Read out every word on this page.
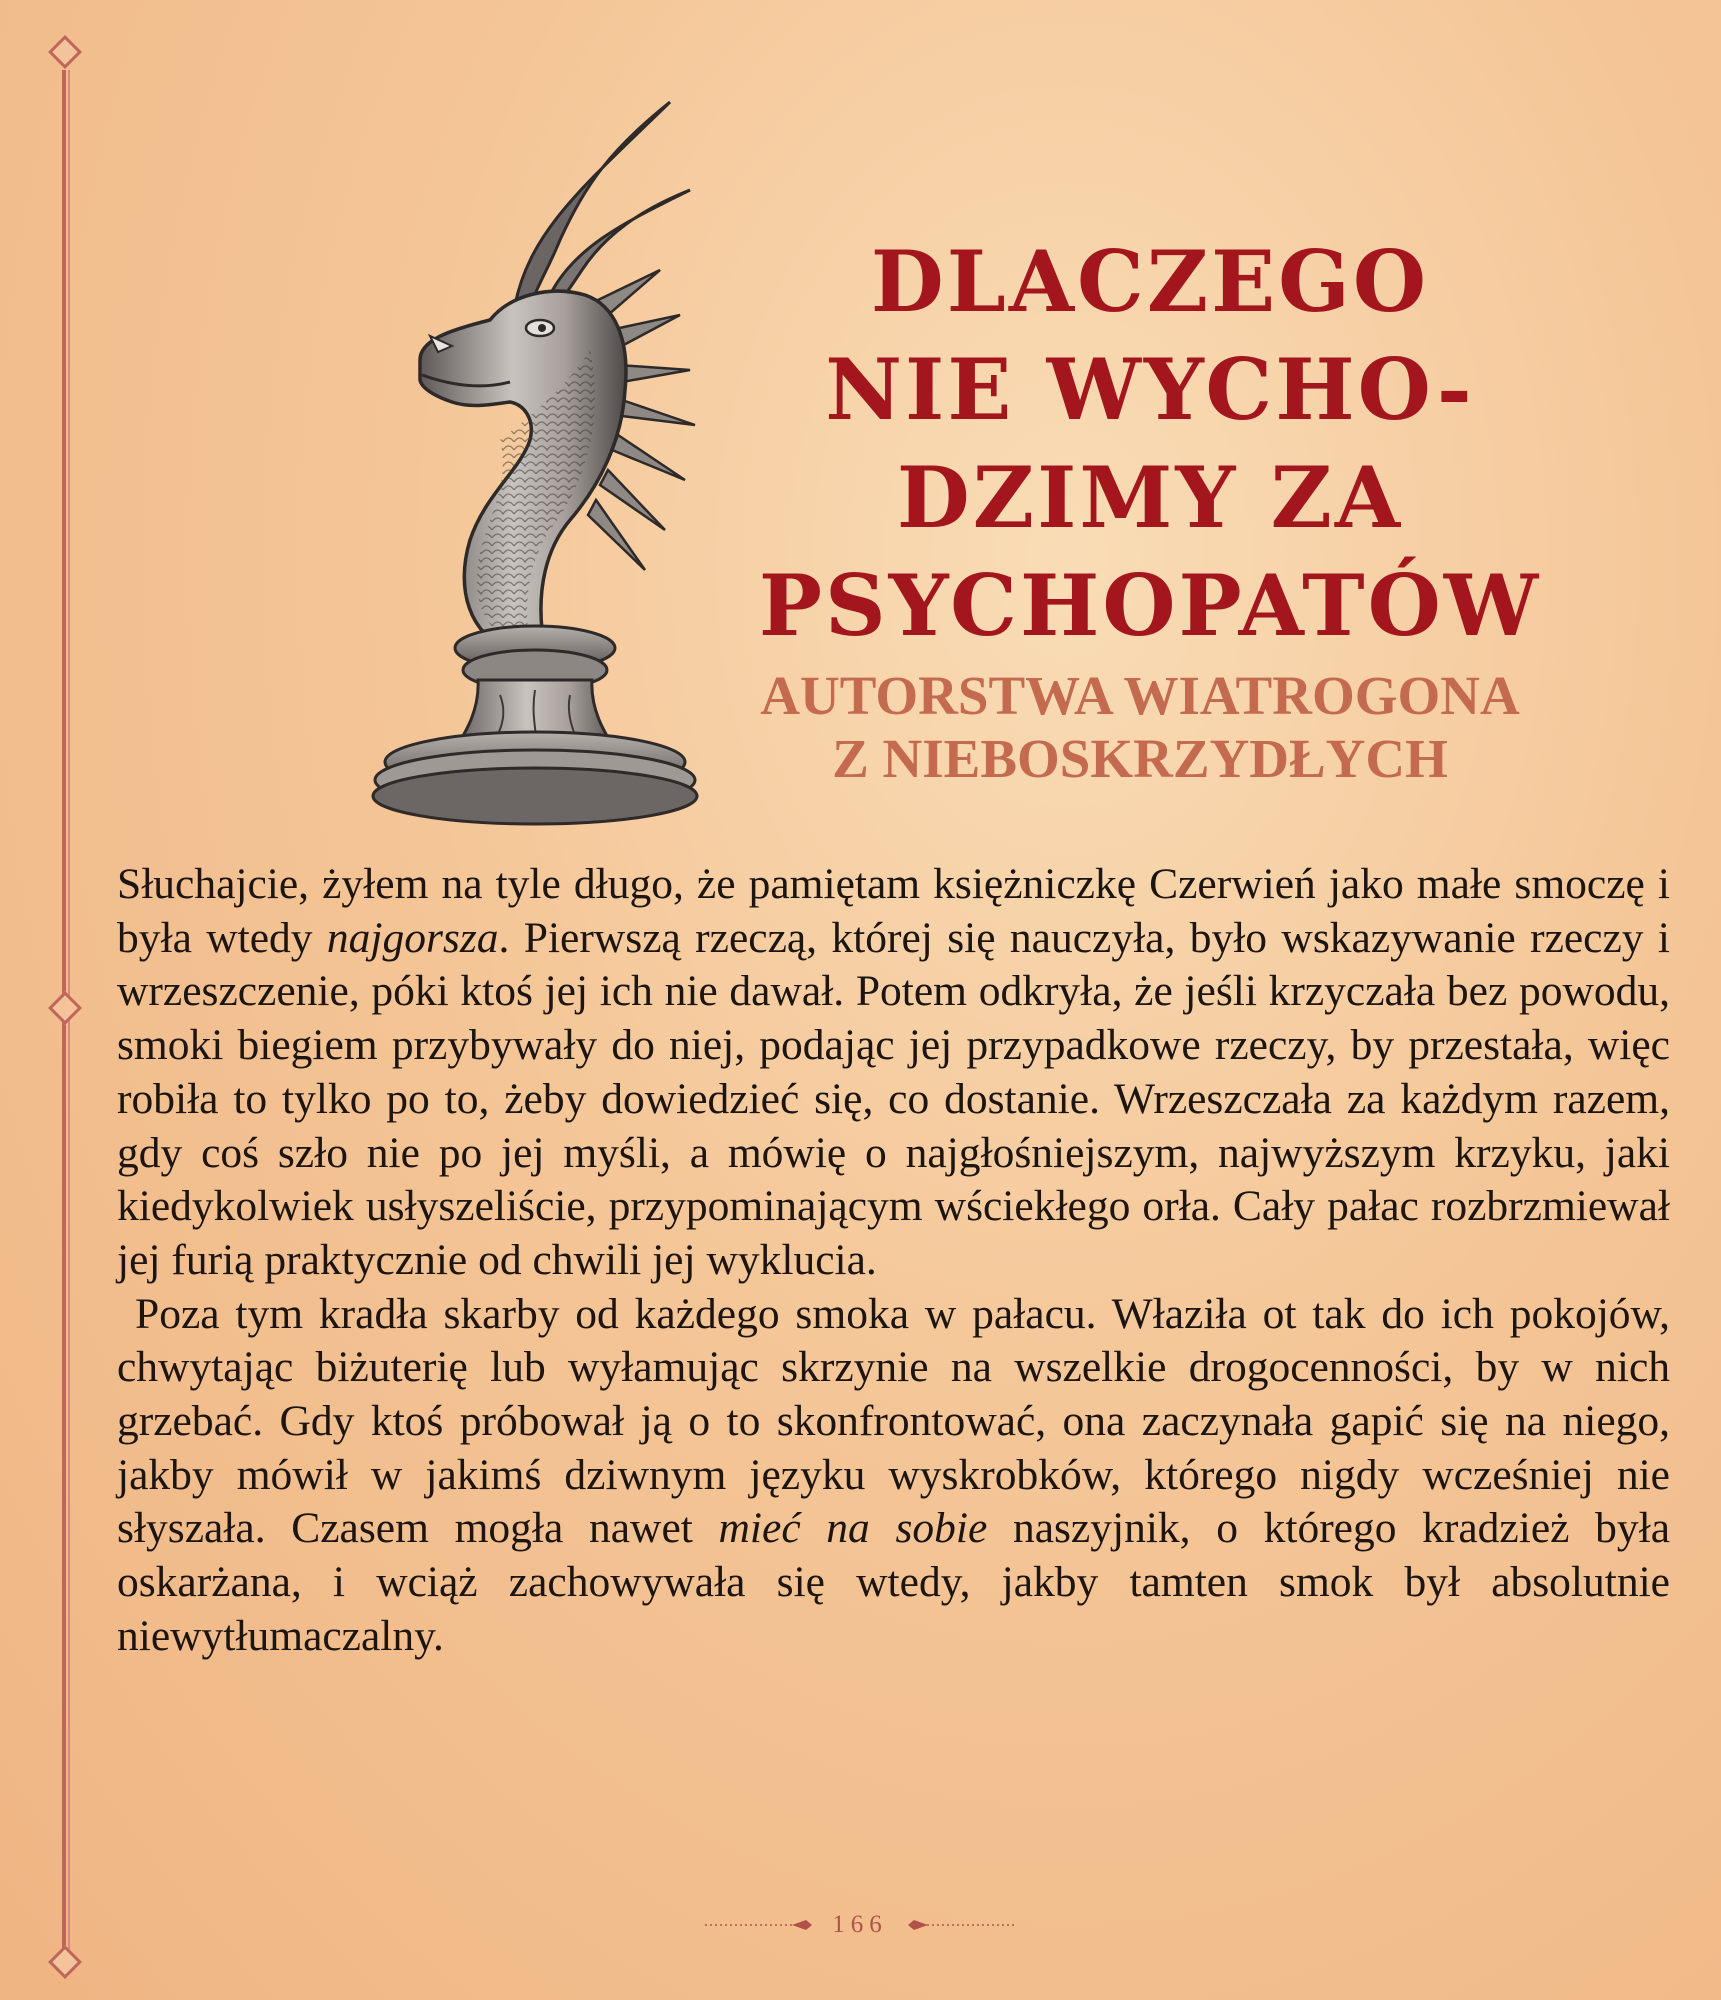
DLACZEGO
NIE WYCHO-
DZIMY ZA
PSYCHOPATÓW
AUTORSTWA WIATROGONA
Z NIEBOSKRZYDŁYCH

Słuchajcie, żyłem na tyle długo, że pamiętam księżniczkę Czerwień jako małe smoczę i była wtedy najgorsza. Pierwszą rzeczą, której się nauczyła, było wskazywanie rzeczy i wrzeszczenie, póki ktoś jej ich nie dawał. Potem odkryła, że jeśli krzyczała bez powodu, smoki biegiem przybywały do niej, podając jej przypadkowe rzeczy, by przestała, więc robiła to tylko po to, żeby dowiedzieć się, co dostanie. Wrzeszczała za każdym razem, gdy coś szło nie po jej myśli, a mówię o najgłośniejszym, najwyższym krzyku, jaki kiedykolwiek usłyszeliście, przypominającym wściekłego orła. Cały pałac rozbrzmiewał jej furią praktycznie od chwili jej wyklucia.

Poza tym kradła skarby od każdego smoka w pałacu. Właziła ot tak do ich pokojów, chwytając biżuterię lub wyłamując skrzynie na wszelkie drogocenności, by w nich grzebać. Gdy ktoś próbował ją o to skonfrontować, ona zaczynała gapić się na niego, jakby mówił w jakimś dziwnym języku wyskrobków, którego nigdy wcześniej nie słyszała. Czasem mogła nawet mieć na sobie naszyjnik, o którego kradzież była oskarżana, i wciąż zachowywała się wtedy, jakby tamten smok był absolutnie niewytłumaczalny.

166
